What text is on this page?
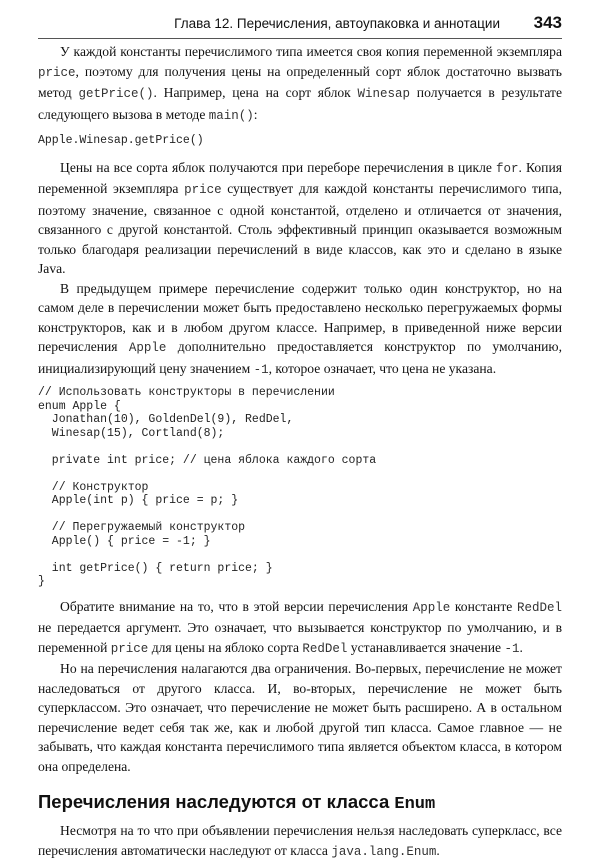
Глава 12. Перечисления, автоупаковка и аннотации 343

У каждой константы перечислимого типа имеется своя копия переменной экземпляра price, поэтому для получения цены на определенный сорт яблок достаточно вызвать метод getPrice(). Например, цена на сорт яблок Winesap получается в результате следующего вызова в методе main():

Apple.Winesap.getPrice()

Цены на все сорта яблок получаются при переборе перечисления в цикле for. Копия переменной экземпляра price существует для каждой константы перечислимого типа, поэтому значение, связанное с одной константой, отделено и отличается от значения, связанного с другой константой. Столь эффективный принцип оказывается возможным только благодаря реализации перечислений в виде классов, как это и сделано в языке Java.

В предыдущем примере перечисление содержит только один конструктор, но на самом деле в перечислении может быть предоставлено несколько перегружаемых формы конструкторов, как и в любом другом классе. Например, в приведенной ниже версии перечисления Apple дополнительно предоставляется конструктор по умолчанию, инициализирующий цену значением -1, которое означает, что цена не указана.

// Использовать конструкторы в перечислении
enum Apple {
Jonathan(10), GoldenDel(9), RedDel,
Winesap(15), Cortland(8);

private int price; // цена яблока каждого сорта

// Конструктор
Apple(int p) { price = p; }

// Перегружаемый конструктор
Apple() { price = -1; }

int getPrice() { return price; }
}

Обратите внимание на то, что в этой версии перечисления Apple константе RedDel не передается аргумент. Это означает, что вызывается конструктор по умолчанию, и в переменной price для цены на яблоко сорта RedDel устанавливается значение -1.

Но на перечисления налагаются два ограничения. Во-первых, перечисление не может наследоваться от другого класса. И, во-вторых, перечисление не может быть суперклассом. Это означает, что перечисление не может быть расширено. А в остальном перечисление ведет себя так же, как и любой другой тип класса. Самое главное — не забывать, что каждая константа перечислимого типа является объектом класса, в котором она определена.

Перечисления наследуются от класса Enum

Несмотря на то что при объявлении перечисления нельзя наследовать суперкласс, все перечисления автоматически наследуют от класса java.lang.Enum.
